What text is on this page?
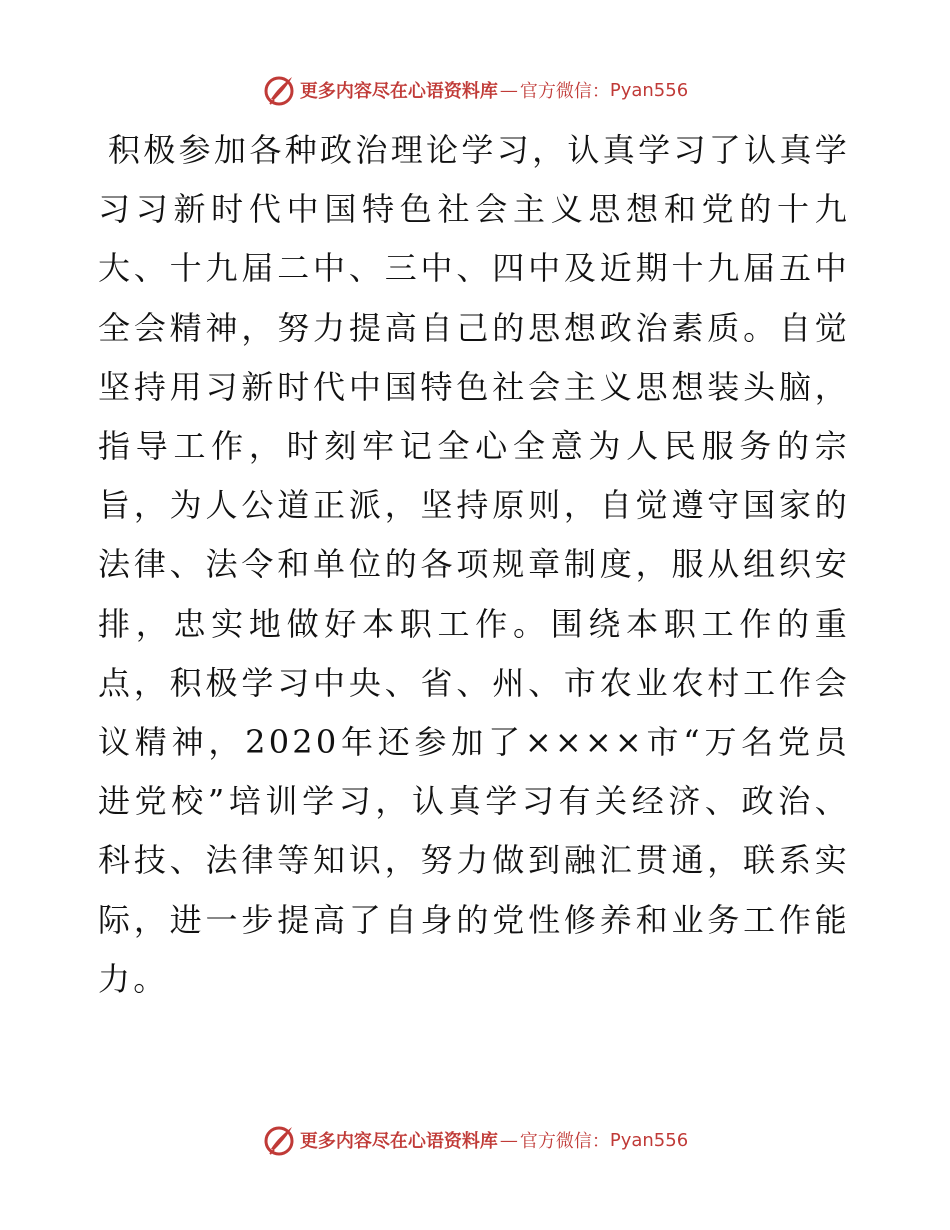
更多内容尽在心语资料库 — 官方微信： Pyan556

积极参加各种政治理论学习，认真学习了认真学习习新时代中国特色社会主义思想和党的十九大、十九届二中、三中、四中及近期十九届五中全会精神，努力提高自己的思想政治素质。自觉坚持用习新时代中国特色社会主义思想装头脑，指导工作，时刻牢记全心全意为人民服务的宗旨，为人公道正派，坚持原则，自觉遵守国家的法律、法令和单位的各项规章制度，服从组织安排，忠实地做好本职工作。围绕本职工作的重点，积极学习中央、省、州、市农业农村工作会议精神，2020年还参加了××××市“万名党员进党校”培训学习，认真学习有关经济、政治、科技、法律等知识，努力做到融汇贯通，联系实际，进一步提高了自身的党性修养和业务工作能力。

更多内容尽在心语资料库 — 官方微信： Pyan556
